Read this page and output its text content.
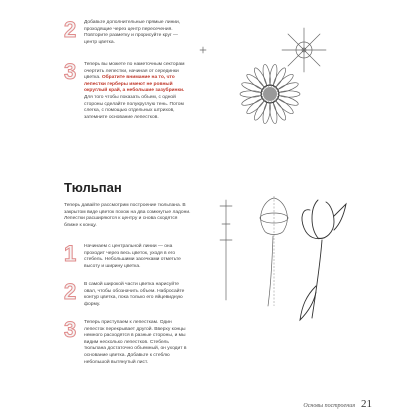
2	Добавьте дополнительные прямые линии, проходящие через центр пересечения. Повторите разметку и прорисуйте круг — центр цветка.
3	Теперь вы можете по наметочным секторам очертить лепестки, начиная от серединки цветка. Обратите внимание на то, что лепестки герберы имеют не ровный округлый край, а небольшие зазубринки. Для того чтобы показать объем, с одной стороны сделайте полукруглую тень. Потом слегка, с помощью отдельных штрихов, затемните основание лепестков.
Тюльпан
Теперь давайте рассмотрим построение тюльпана. В закрытом виде цветок похож на два сомкнутые ладони. Лепестки расширяются к центру и снова сходятся ближе к концу.
1	Начинаем с центральной линии — она проходит через весь цветок, уходя в его стебель. Небольшими засечками отметьте высоту и ширину цветка.
2	В самой широкой части цветка нарисуйте овал, чтобы обозначить объем. Набросайте контур цветка, пока только его яйцевидную форму.
3	Теперь приступаем к лепесткам. Один лепесток перекрывает другой. Вверху концы немного расходятся в разные стороны, и мы видим несколько лепестков. Стебель тюльпана достаточно объемный, он уходит в основание цветка. Добавьте к стеблю небольшой вытянутый лист.
Основы построения 21
